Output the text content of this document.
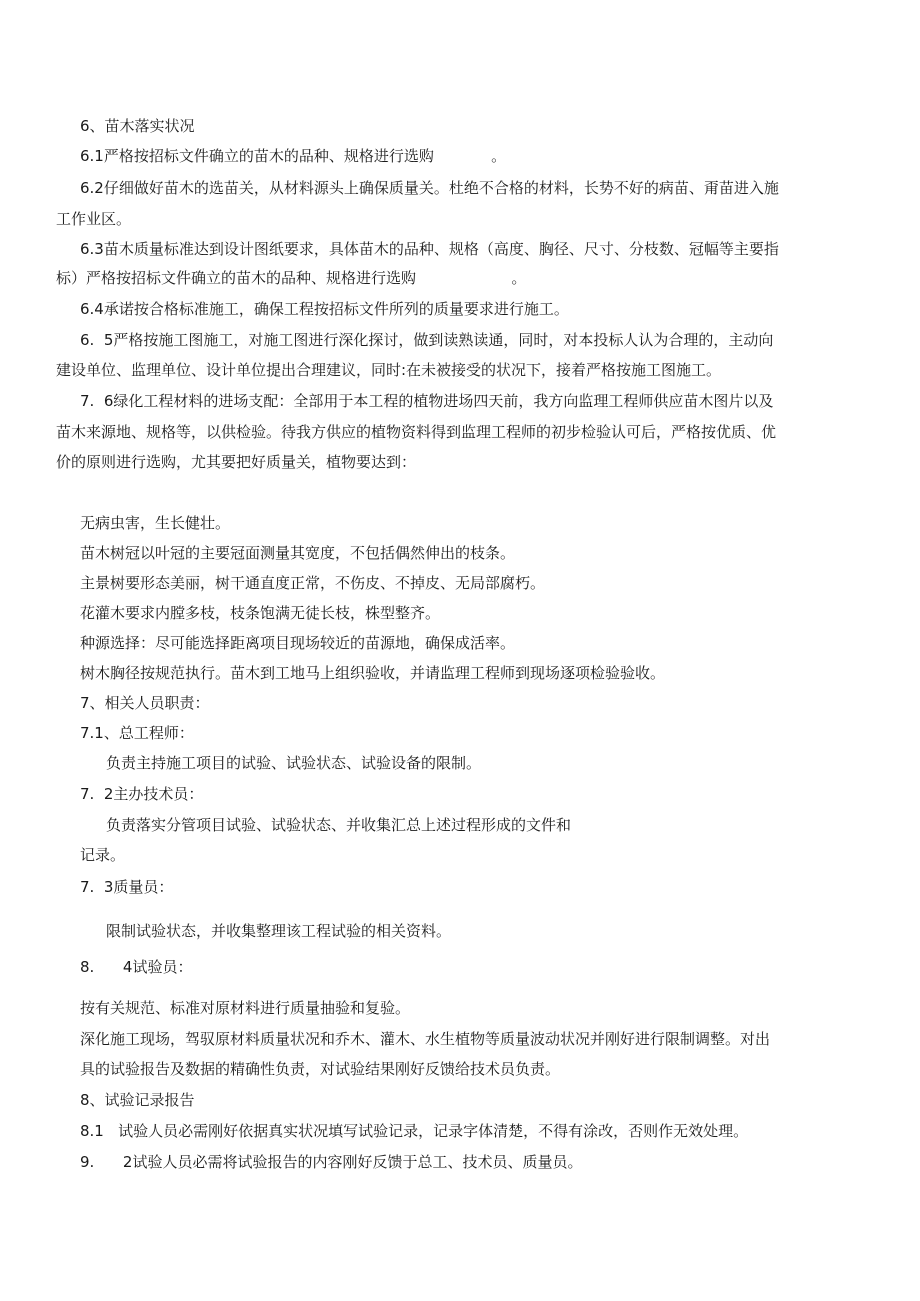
6、苗木落实状况
6.1严格按招标文件确立的苗木的品种、规格进行选购            。
6.2仔细做好苗木的选苗关，从材料源头上确保质量关。杜绝不合格的材料，长势不好的病苗、甭苗进入施
工作业区。
6.3苗木质量标准达到设计图纸要求，具体苗木的品种、规格（高度、胸径、尺寸、分枝数、冠幅等主要指
标）严格按招标文件确立的苗木的品种、规格进行选购                    。
6.4承诺按合格标准施工，确保工程按招标文件所列的质量要求进行施工。
6.  5严格按施工图施工，对施工图进行深化探讨，做到读熟读通，同时，对本投标人认为合理的，主动向
建设单位、监理单位、设计单位提出合理建议，同时:在未被接受的状况下，接着严格按施工图施工。
7.  6绿化工程材料的进场支配：全部用于本工程的植物进场四天前，我方向监理工程师供应苗木图片以及
苗木来源地、规格等，以供检验。待我方供应的植物资料得到监理工程师的初步检验认可后，严格按优质、优
价的原则进行选购，尤其要把好质量关，植物要达到：
无病虫害，生长健壮。
苗木树冠以叶冠的主要冠面测量其宽度，不包括偶然伸出的枝条。
主景树要形态美丽，树干通直度正常，不伤皮、不掉皮、无局部腐朽。
花灌木要求内膛多枝，枝条饱满无徒长枝，株型整齐。
种源选择：尽可能选择距离项目现场较近的苗源地，确保成活率。
树木胸径按规范执行。苗木到工地马上组织验收，并请监理工程师到现场逐项检验验收。
7、相关人员职责：
7.1、总工程师：
负责主持施工项目的试验、试验状态、试验设备的限制。
7.  2主办技术员：
负责落实分管项目试验、试验状态、并收集汇总上述过程形成的文件和
记录。
7.  3质量员：
限制试验状态，并收集整理该工程试验的相关资料。
8.      4试验员：
按有关规范、标准对原材料进行质量抽验和复验。
深化施工现场，驾驭原材料质量状况和乔木、灌木、水生植物等质量波动状况并刚好进行限制调整。对出
具的试验报告及数据的精确性负责，对试验结果刚好反馈给技术员负责。
8、试验记录报告
8.1   试验人员必需刚好依据真实状况填写试验记录，记录字体清楚，不得有涂改，否则作无效处理。
9.      2试验人员必需将试验报告的内容刚好反馈于总工、技术员、质量员。
